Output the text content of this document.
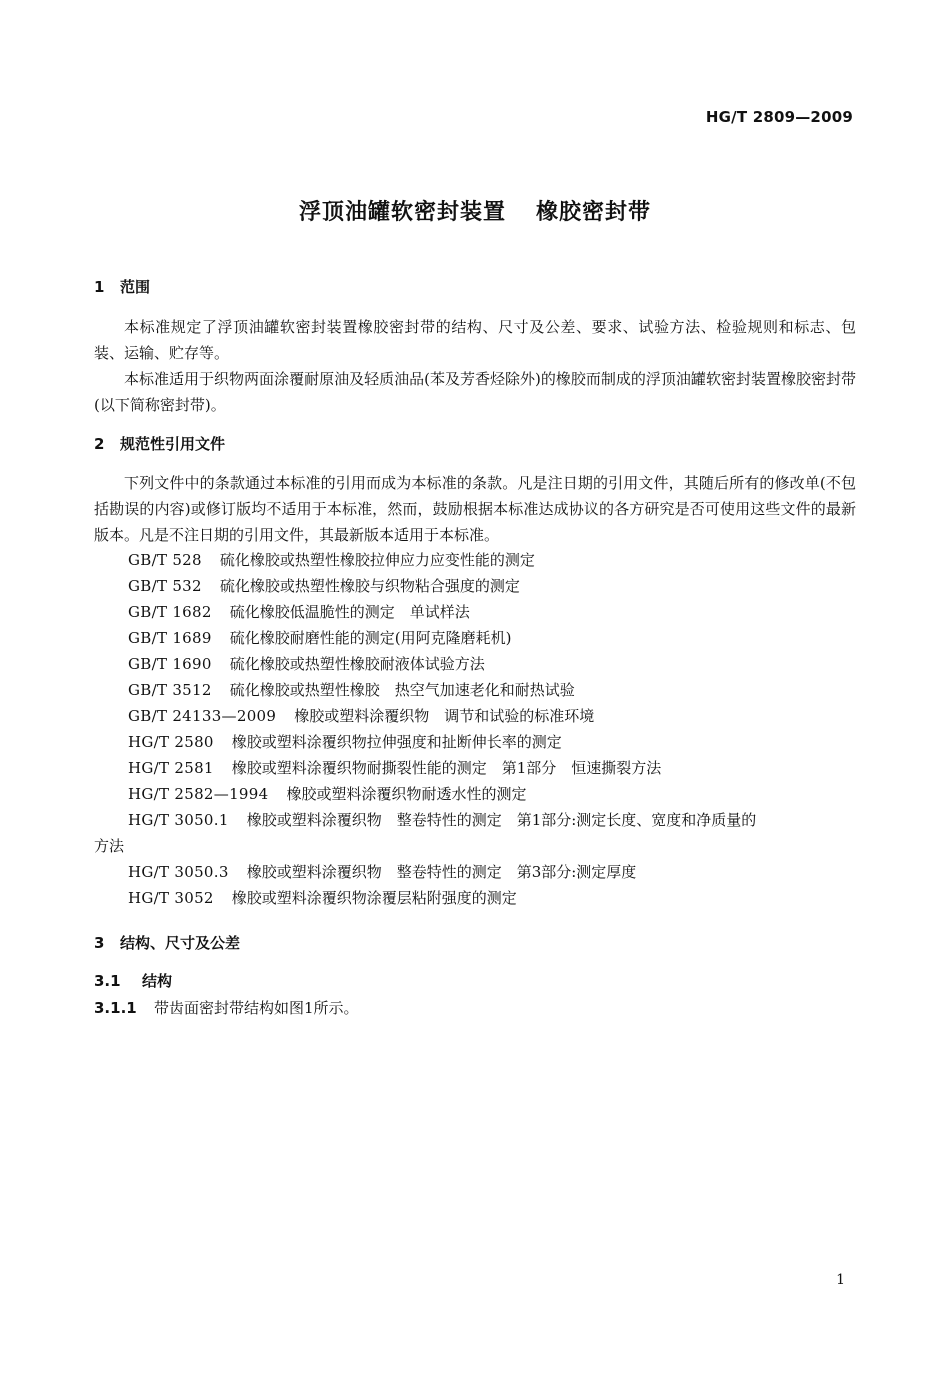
HG/T 2809—2009
浮顶油罐软密封装置 橡胶密封带
1 范围
本标准规定了浮顶油罐软密封装置橡胶密封带的结构、尺寸及公差、要求、试验方法、检验规则和标志、包装、运输、贮存等。
本标准适用于织物两面涂覆耐原油及轻质油品(苯及芳香烃除外)的橡胶而制成的浮顶油罐软密封装置橡胶密封带(以下简称密封带)。
2 规范性引用文件
下列文件中的条款通过本标准的引用而成为本标准的条款。凡是注日期的引用文件，其随后所有的修改单(不包括勘误的内容)或修订版均不适用于本标准，然而，鼓励根据本标准达成协议的各方研究是否可使用这些文件的最新版本。凡是不注日期的引用文件，其最新版本适用于本标准。
GB/T 528 硫化橡胶或热塑性橡胶拉伸应力应变性能的测定
GB/T 532 硫化橡胶或热塑性橡胶与织物粘合强度的测定
GB/T 1682 硫化橡胶低温脆性的测定　单试样法
GB/T 1689 硫化橡胶耐磨性能的测定(用阿克隆磨耗机)
GB/T 1690 硫化橡胶或热塑性橡胶耐液体试验方法
GB/T 3512 硫化橡胶或热塑性橡胶　热空气加速老化和耐热试验
GB/T 24133—2009 橡胶或塑料涂覆织物　调节和试验的标准环境
HG/T 2580 橡胶或塑料涂覆织物拉伸强度和扯断伸长率的测定
HG/T 2581 橡胶或塑料涂覆织物耐撕裂性能的测定　第1部分　恒速撕裂方法
HG/T 2582—1994 橡胶或塑料涂覆织物耐透水性的测定
HG/T 3050.1 橡胶或塑料涂覆织物　整卷特性的测定　第1部分:测定长度、宽度和净质量的
方法
HG/T 3050.3 橡胶或塑料涂覆织物　整卷特性的测定　第3部分:测定厚度
HG/T 3052 橡胶或塑料涂覆织物涂覆层粘附强度的测定
3 结构、尺寸及公差
3.1 结构
3.1.1 带齿面密封带结构如图1所示。
1
